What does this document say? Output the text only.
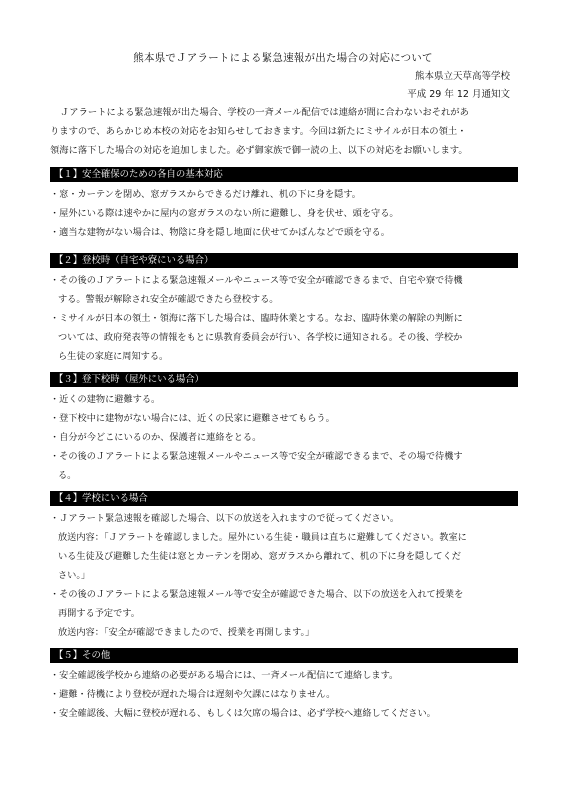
熊本県でＪアラートによる緊急速報が出た場合の対応について
熊本県立天草高等学校
平成 29 年 12 月通知文
Ｊアラートによる緊急速報が出た場合、学校の一斉メール配信では連絡が間に合わないおそれがあ
りますので、あらかじめ本校の対応をお知らせしておきます。今回は新たにミサイルが日本の領土・
領海に落下した場合の対応を追加しました。必ず御家族で御一読の上、以下の対応をお願いします。
【１】安全確保のための各自の基本対応
・窓・カーテンを閉め、窓ガラスからできるだけ離れ、机の下に身を隠す。
・屋外にいる際は速やかに屋内の窓ガラスのない所に避難し、身を伏せ、頭を守る。
・適当な建物がない場合は、物陰に身を隠し地面に伏せてかばんなどで頭を守る。
【２】登校時（自宅や寮にいる場合）
・その後のＪアラートによる緊急速報メールやニュース等で安全が確認できるまで、自宅や寮で待機
する。警報が解除され安全が確認できたら登校する。
・ミサイルが日本の領土・領海に落下した場合は、臨時休業とする。なお、臨時休業の解除の判断に
ついては、政府発表等の情報をもとに県教育委員会が行い、各学校に通知される。その後、学校か
ら生徒の家庭に周知する。
【３】登下校時（屋外にいる場合）
・近くの建物に避難する。
・登下校中に建物がない場合には、近くの民家に避難させてもらう。
・自分が今どこにいるのか、保護者に連絡をとる。
・その後のＪアラートによる緊急速報メールやニュース等で安全が確認できるまで、その場で待機す
る。
【４】学校にいる場合
・Ｊアラート緊急速報を確認した場合、以下の放送を入れますので従ってください。
放送内容：「Ｊアラートを確認しました。屋外にいる生徒・職員は直ちに避難してください。教室に
いる生徒及び避難した生徒は窓とカーテンを閉め、窓ガラスから離れて、机の下に身を隠してくだ
さい。」
・その後のＪアラートによる緊急速報メール等で安全が確認できた場合、以下の放送を入れて授業を
再開する予定です。
放送内容：「安全が確認できましたので、授業を再開します。」
【５】その他
・安全確認後学校から連絡の必要がある場合には、一斉メール配信にて連絡します。
・避難・待機により登校が遅れた場合は遅刻や欠課にはなりません。
・安全確認後、大幅に登校が遅れる、もしくは欠席の場合は、必ず学校へ連絡してください。
